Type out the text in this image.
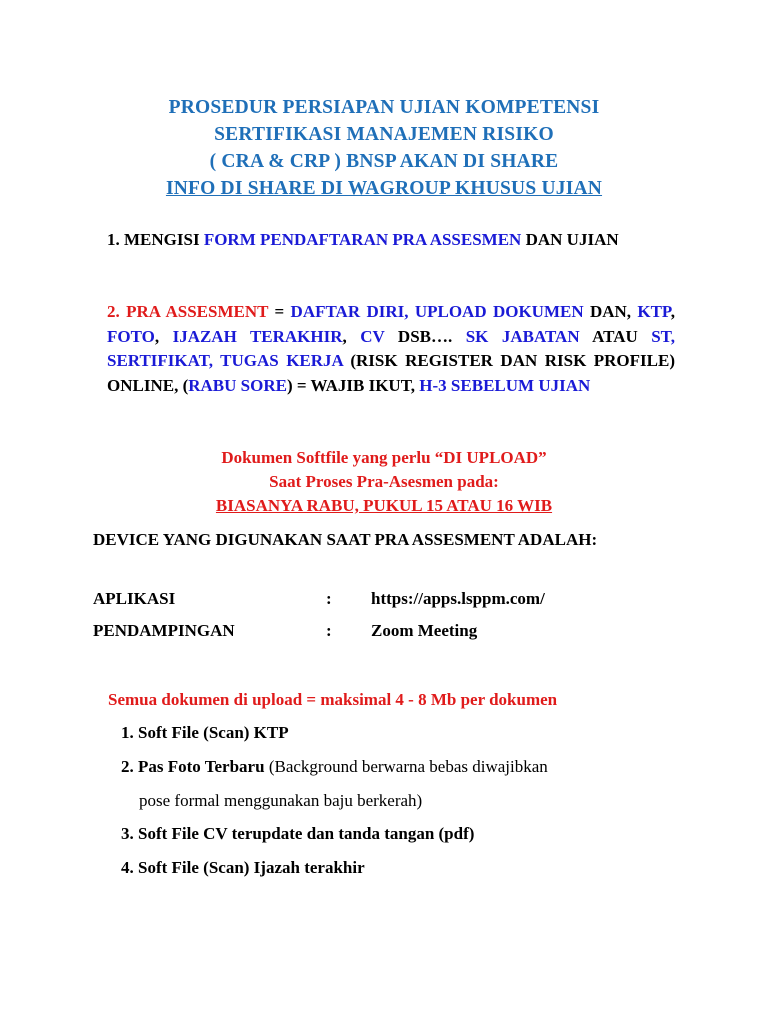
PROSEDUR PERSIAPAN UJIAN KOMPETENSI
SERTIFIKASI MANAJEMEN RISIKO
( CRA & CRP ) BNSP AKAN DI SHARE
INFO DI SHARE DI WAGROUP KHUSUS UJIAN
1. MENGISI FORM PENDAFTARAN PRA ASSESMEN DAN UJIAN
2. PRA ASSESMENT = DAFTAR DIRI, UPLOAD DOKUMEN DAN, KTP, FOTO, IJAZAH TERAKHIR, CV DSB…. SK JABATAN ATAU ST, SERTIFIKAT, TUGAS KERJA (RISK REGISTER DAN RISK PROFILE) ONLINE, (RABU SORE) = WAJIB IKUT, H-3 SEBELUM UJIAN
Dokumen Softfile yang perlu “DI UPLOAD”
Saat Proses Pra-Asesmen pada:
BIASANYA RABU, PUKUL 15 ATAU 16 WIB
DEVICE YANG DIGUNAKAN SAAT PRA ASSESMENT ADALAH:
APLIKASI	: https://apps.lsppm.com/
PENDAMPINGAN	: Zoom Meeting
Semua dokumen di upload = maksimal 4 - 8 Mb per dokumen
1. Soft File (Scan) KTP
2. Pas Foto Terbaru (Background berwarna bebas diwajibkan
pose formal menggunakan baju berkerah)
3. Soft File CV terupdate dan tanda tangan (pdf)
4. Soft File (Scan) Ijazah terakhir
